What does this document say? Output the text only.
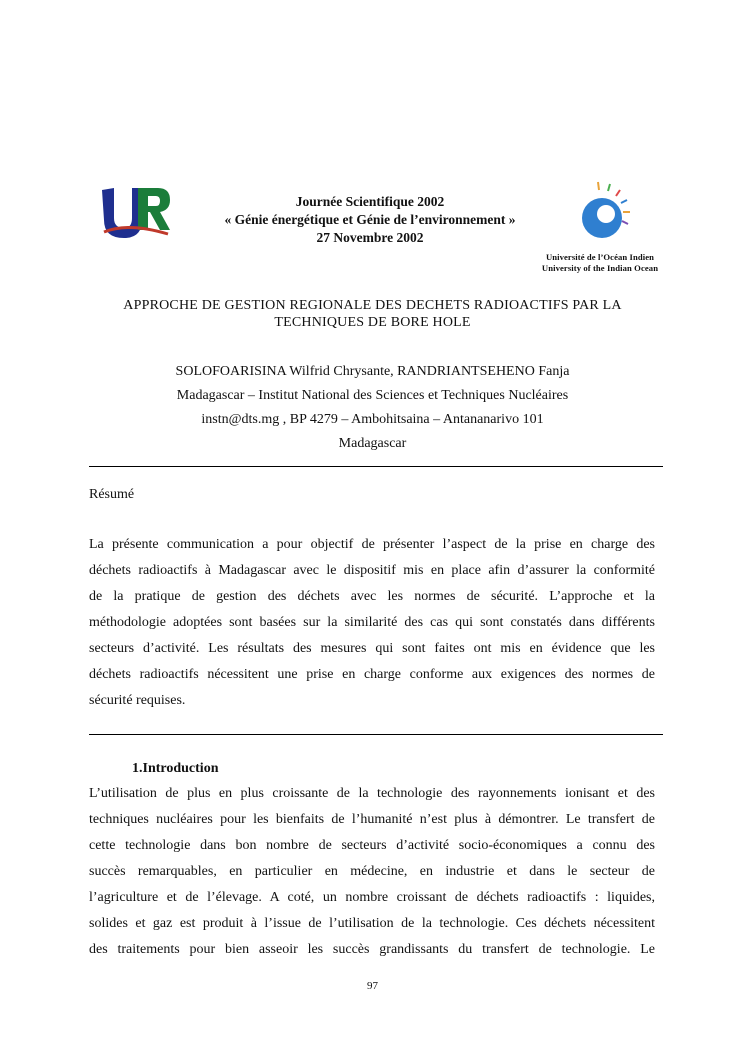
Journée Scientifique 2002
« Génie énergétique et Génie de l’environnement »
27 Novembre 2002
Université de l’Océan Indien
University of the Indian Ocean
APPROCHE DE GESTION REGIONALE DES DECHETS RADIOACTIFS PAR LA
TECHNIQUES DE BORE HOLE
SOLOFOARISINA Wilfrid Chrysante, RANDRIANTSEHENO Fanja
Madagascar – Institut National des Sciences et Techniques Nucléaires
instn@dts.mg , BP 4279 – Ambohitsaina – Antananarivo 101
Madagascar
Résumé
La présente communication a pour objectif de présenter l’aspect de la prise en charge des
déchets radioactifs à Madagascar avec le dispositif mis en place afin d’assurer la conformité
de la pratique de gestion des déchets avec les normes de sécurité. L’approche et la
méthodologie adoptées sont basées sur la similarité des cas qui sont constatés dans différents
secteurs d’activité. Les résultats des mesures qui sont faites ont mis en évidence que les
déchets radioactifs nécessitent une prise en charge conforme aux exigences des normes de
sécurité requises.
1.Introduction
L’utilisation de plus en plus croissante de la technologie des rayonnements ionisant et des
techniques nucléaires pour les bienfaits de l’humanité n’est plus à démontrer. Le transfert de
cette technologie dans bon nombre de secteurs d’activité socio-économiques a connu des
succès remarquables, en particulier en médecine, en industrie et dans le secteur de
l’agriculture et de l’élevage. A coté, un nombre croissant de déchets radioactifs : liquides,
solides et gaz est produit à l’issue de l’utilisation de la technologie. Ces déchets nécessitent
des traitements pour bien asseoir les succès grandissants du transfert de technologie. Le
97
